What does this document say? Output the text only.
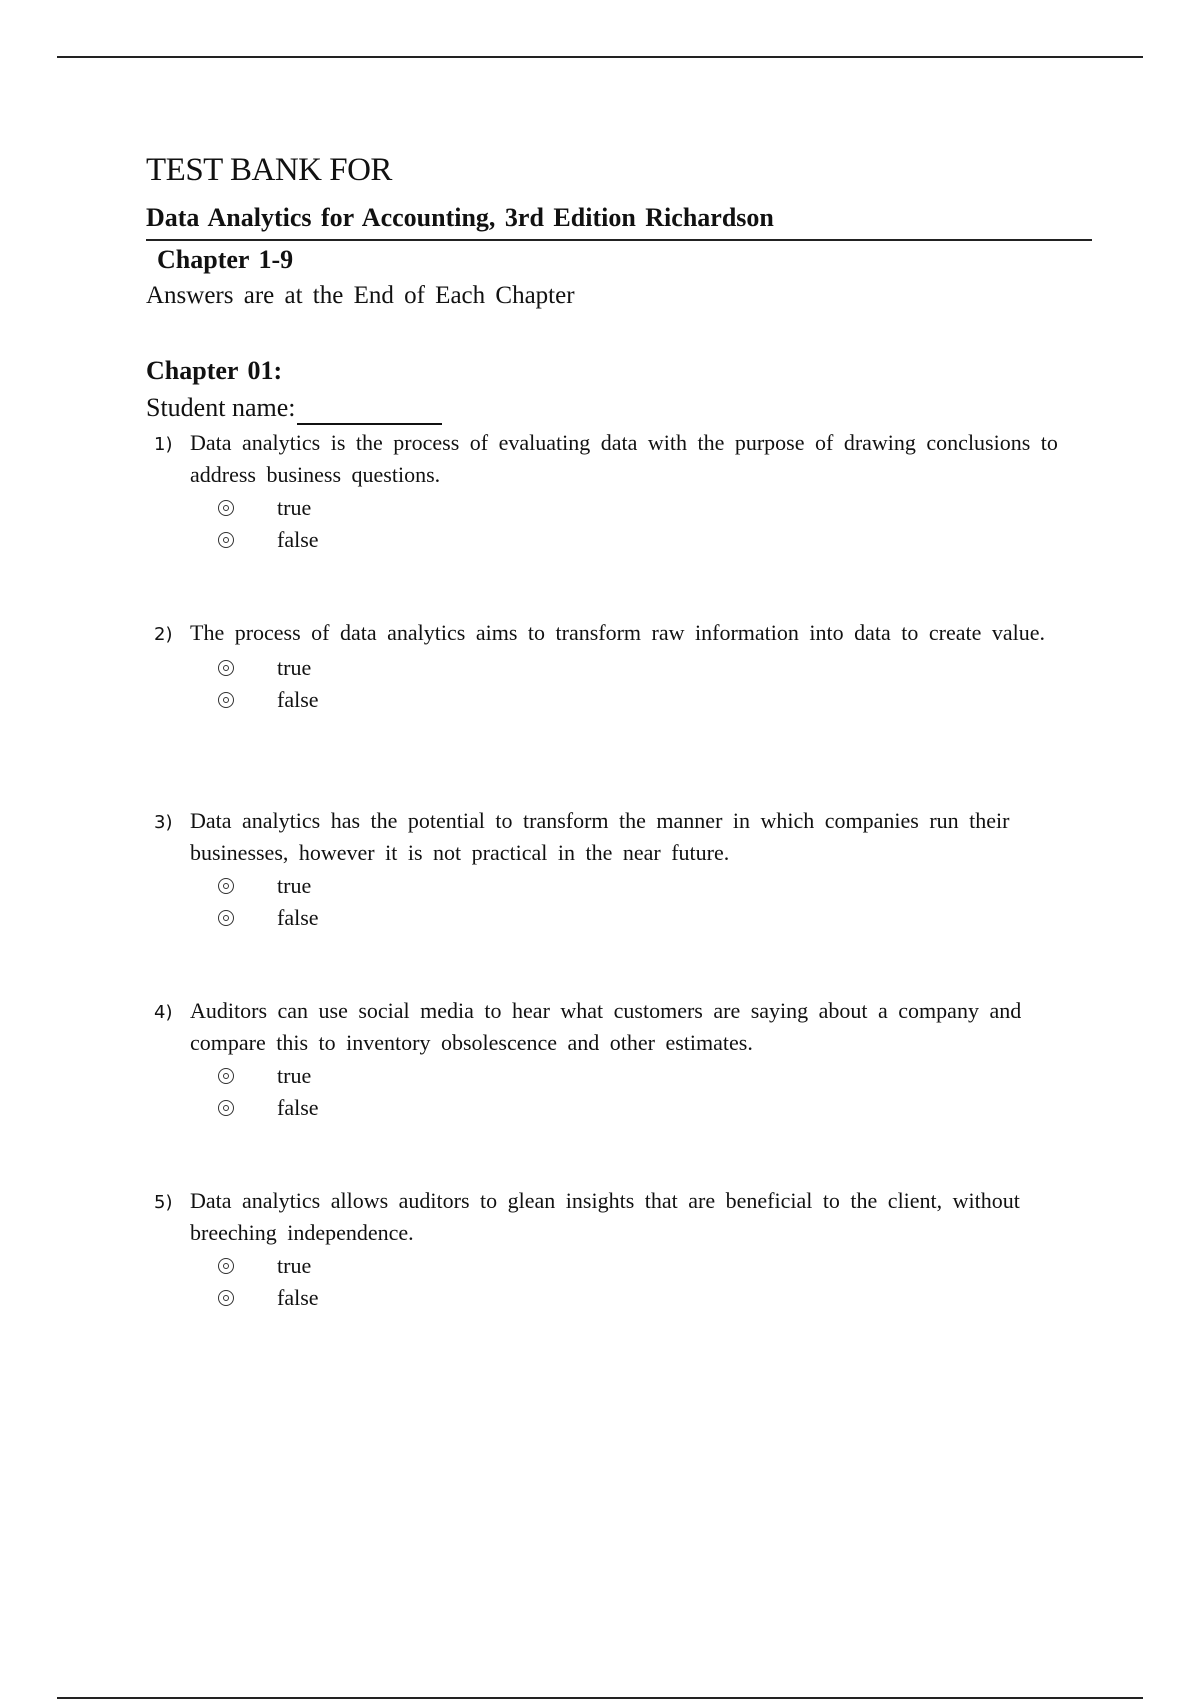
TEST BANK FOR
Data Analytics for Accounting, 3rd Edition Richardson
Chapter 1-9

Answers are at the End of Each Chapter

Chapter 01:
Student name:

1) Data analytics is the process of evaluating data with the purpose of drawing conclusions to address business questions.

true
false

2) The process of data analytics aims to transform raw information into data to create value.

true
false

3) Data analytics has the potential to transform the manner in which companies run their businesses, however it is not practical in the near future.

true
false

4) Auditors can use social media to hear what customers are saying about a company and compare this to inventory obsolescence and other estimates.

true
false

5) Data analytics allows auditors to glean insights that are beneficial to the client, without breeching independence.

true
false
